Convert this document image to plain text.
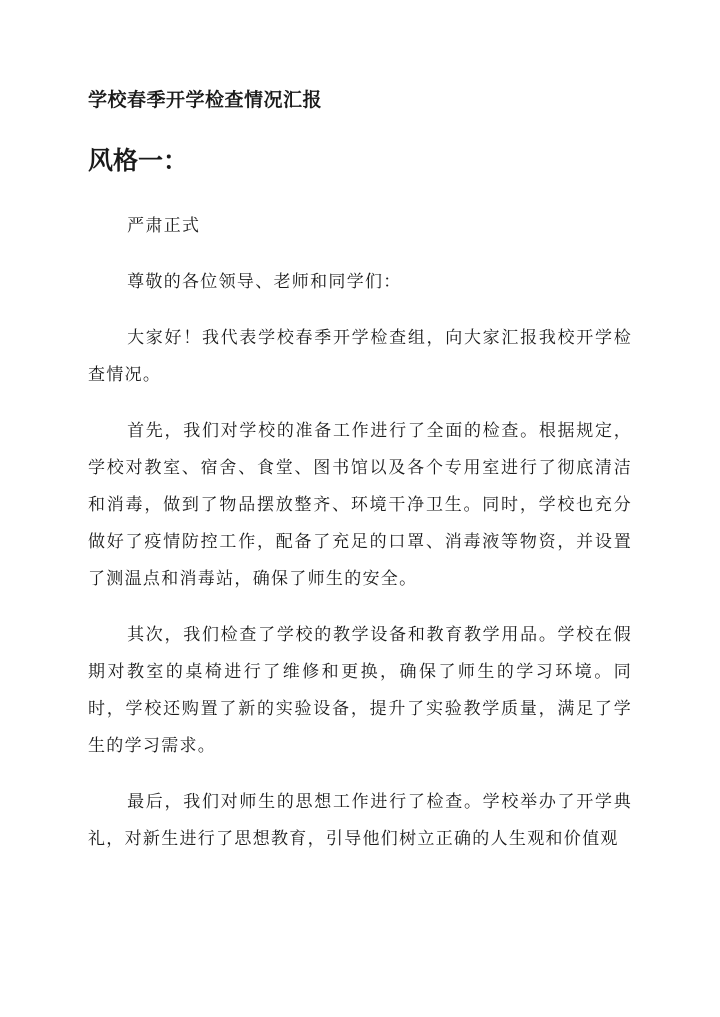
学校春季开学检查情况汇报
风格一：

严肃正式

尊敬的各位领导、老师和同学们：

大家好！我代表学校春季开学检查组，向大家汇报我校开学检查情况。

首先，我们对学校的准备工作进行了全面的检查。根据规定，学校对教室、宿舍、食堂、图书馆以及各个专用室进行了彻底清洁和消毒，做到了物品摆放整齐、环境干净卫生。同时，学校也充分做好了疫情防控工作，配备了充足的口罩、消毒液等物资，并设置了测温点和消毒站，确保了师生的安全。

其次，我们检查了学校的教学设备和教育教学用品。学校在假期对教室的桌椅进行了维修和更换，确保了师生的学习环境。同时，学校还购置了新的实验设备，提升了实验教学质量，满足了学生的学习需求。

最后，我们对师生的思想工作进行了检查。学校举办了开学典礼，对新生进行了思想教育，引导他们树立正确的人生观和价值观
